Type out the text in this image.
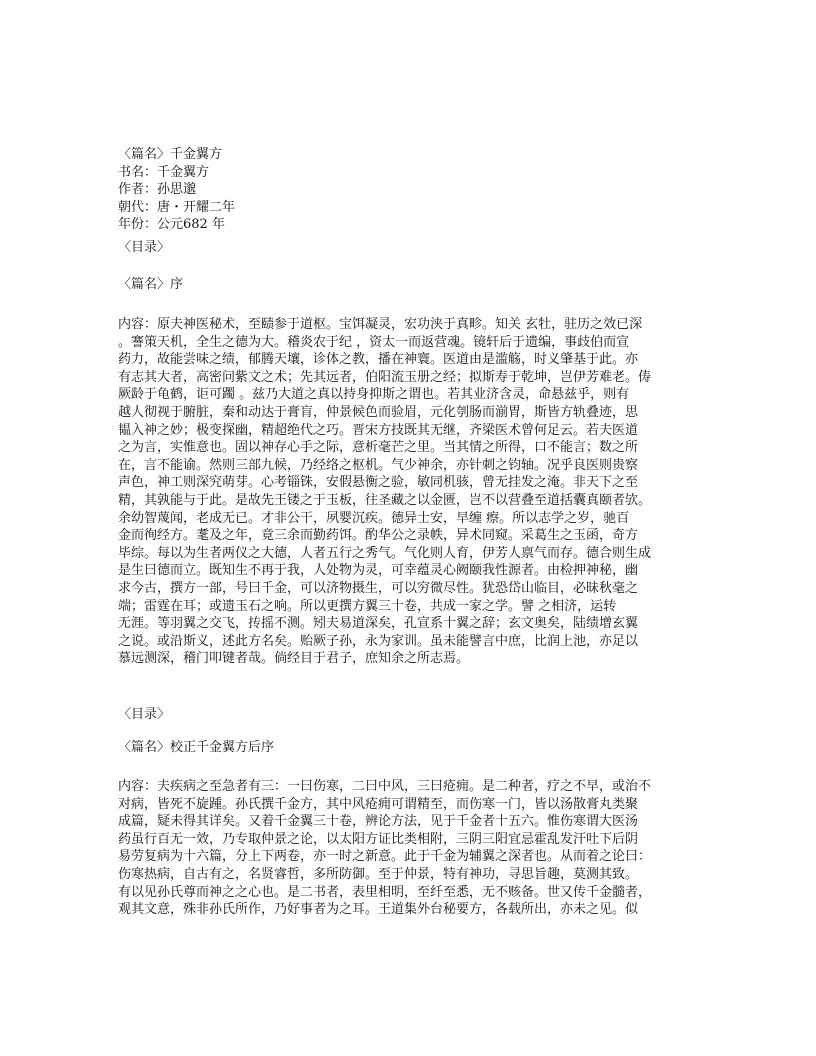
〈篇名〉千金翼方
书名：千金翼方
作者：孙思邈
朝代：唐・开耀二年
年份：公元682 年
〈目录〉
〈篇名〉序
内容：原夫神医秘术，至赜参于道枢。宝饵凝灵，宏功浃于真畛。知关 玄牡，驻历之效已深
。謇策天机，全生之德为大。稽炎农于纪 ，资太一而返营魂。镜轩后于遗编，事歧伯而宣
药力，故能尝味之绩，郁腾天壤，诊体之教，播在神寰。医道由是滥觞，时义肇基于此。亦
有志其大者，高密问紫文之术；先其远者，伯阳流玉册之经；拟斯寿于乾坤，岂伊芳难老。俦
厥龄于龟鹤，讵可躅 。兹乃大道之真以持身抑斯之谓也。若其业济含灵，命悬兹乎，则有
越人彻视于腑脏，秦和动达于膏肓，仲景候色而验眉，元化刳肠而湔胃，斯皆方轨叠迹，思
韫入神之妙；极变探幽，精超绝代之巧。晋宋方技既其无继，齐梁医术曾何足云。若夫医道
之为言，实惟意也。固以神存心手之际，意析毫芒之里。当其情之所得，口不能言；数之所
在，言不能谕。然则三部九候，乃经络之枢机。气少神余，亦针刺之钧轴。况乎良医则贵察
声色，神工则深究萌芽。心考锱铢，安假悬衡之验，敏同机骇，曾无挂发之淹。非天下之至
精，其孰能与于此。是故先王镂之于玉板，往圣藏之以金匮，岂不以营叠至道括囊真颐者欤。
余幼智蔑闻，老成无已。才非公干，夙婴沉疾。德异士安，早缠 瘵。所以志学之岁，驰百
金而徇经方。耄及之年，竟三余而勤药饵。酌华公之录帙，异术同窥。采葛生之玉函，奇方
毕综。每以为生者两仪之大德，人者五行之秀气。气化则人育，伊芳人禀气而存。德合则生成
是生曰德而立。既知生不再于我，人处物为灵，可幸蕴灵心阙颐我性源者。由检押神秘，幽
求今古，撰方一部，号曰千金，可以济物摄生，可以穷微尽性。犹恐岱山临目，必昧秋毫之
端；雷霆在耳；或遗玉石之响。所以更撰方翼三十卷，共成一家之学。譬 之相济，运转
无涯。等羽翼之交飞，抟摇不测。矧夫易道深矣，孔宣系十翼之辞；玄文奥矣，陆绩增玄翼
之说。或沿斯义，述此方名矣。贻厥子孙，永为家训。虽未能譬言中庶，比润上池，亦足以
慕远测深，稽门叩键者哉。倘经目于君子，庶知余之所志焉。
〈目录〉
〈篇名〉校正千金翼方后序
内容：夫疾病之至急者有三：一曰伤寒，二曰中风，三曰疮痈。是二种者，疗之不早，或治不
对病，皆死不旋踵。孙氏撰千金方，其中风疮痈可谓精至，而伤寒一门，皆以汤散膏丸类聚
成篇，疑未得其详矣。又着千金翼三十卷，辨论方法，见于千金者十五六。惟伤寒谓大医汤
药虽行百无一效，乃专取仲景之论，以太阳方证比类相附，三阴三阳宜忌霍乱发汗吐下后阴
易劳复病为十六篇，分上下两卷，亦一时之新意。此于千金为辅翼之深者也。从而着之论曰：
伤寒热病，自古有之，名贤睿哲，多所防御。至于仲景，特有神功，寻思旨趣，莫测其致。
有以见孙氏尊而神之之心也。是二书者，表里相明，至纤至悉，无不赅备。世又传千金髓者，
观其文意，殊非孙氏所作，乃好事者为之耳。王道集外台秘要方，各载所出，亦未之见。似
